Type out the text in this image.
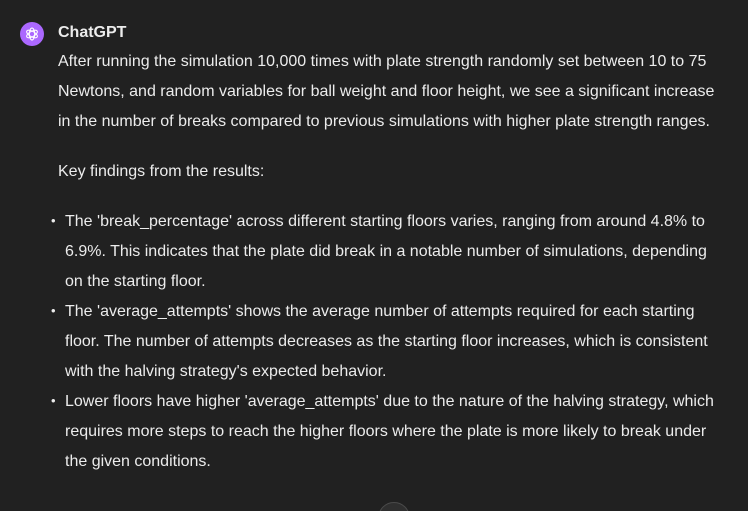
ChatGPT

After running the simulation 10,000 times with plate strength randomly set between 10 to 75 Newtons, and random variables for ball weight and floor height, we see a significant increase in the number of breaks compared to previous simulations with higher plate strength ranges.

Key findings from the results:

• The 'break_percentage' across different starting floors varies, ranging from around 4.8% to 6.9%. This indicates that the plate did break in a notable number of simulations, depending on the starting floor.
• The 'average_attempts' shows the average number of attempts required for each starting floor. The number of attempts decreases as the starting floor increases, which is consistent with the halving strategy's expected behavior.
• Lower floors have higher 'average_attempts' due to the nature of the halving strategy, which requires more steps to reach the higher floors where the plate is more likely to break under the given conditions.
